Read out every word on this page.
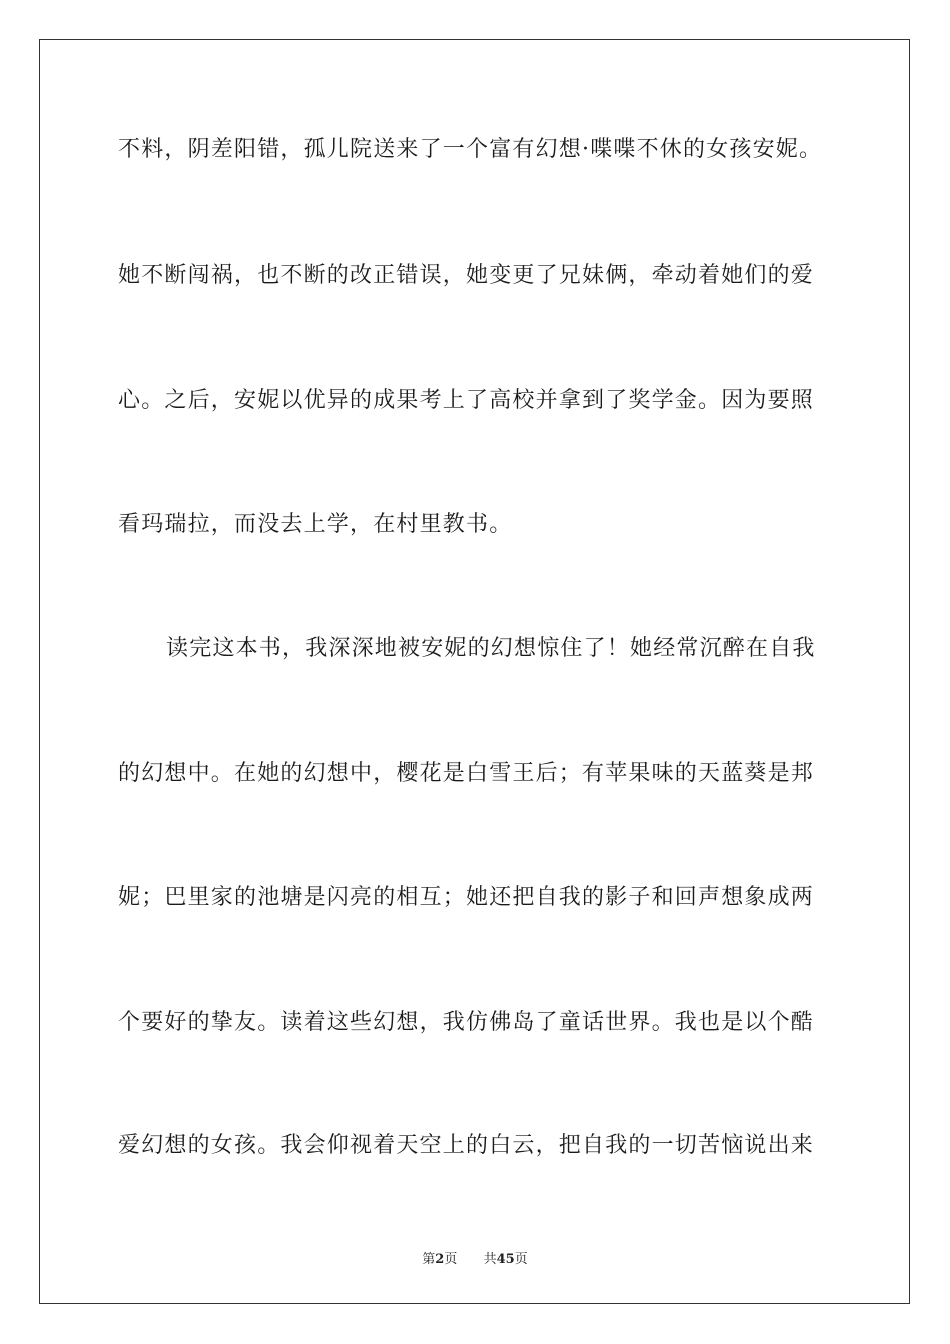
不料，阴差阳错，孤儿院送来了一个富有幻想·喋喋不休的女孩安妮。
她不断闯祸，也不断的改正错误，她变更了兄妹俩，牵动着她们的爱
心。之后，安妮以优异的成果考上了高校并拿到了奖学金。因为要照
看玛瑞拉，而没去上学，在村里教书。
读完这本书，我深深地被安妮的幻想惊住了！她经常沉醉在自我
的幻想中。在她的幻想中，樱花是白雪王后；有苹果味的天蓝葵是邦
妮；巴里家的池塘是闪亮的相互；她还把自我的影子和回声想象成两
个要好的挚友。读着这些幻想，我仿佛岛了童话世界。我也是以个酷
爱幻想的女孩。我会仰视着天空上的白云，把自我的一切苦恼说出来
第2页 共45页
